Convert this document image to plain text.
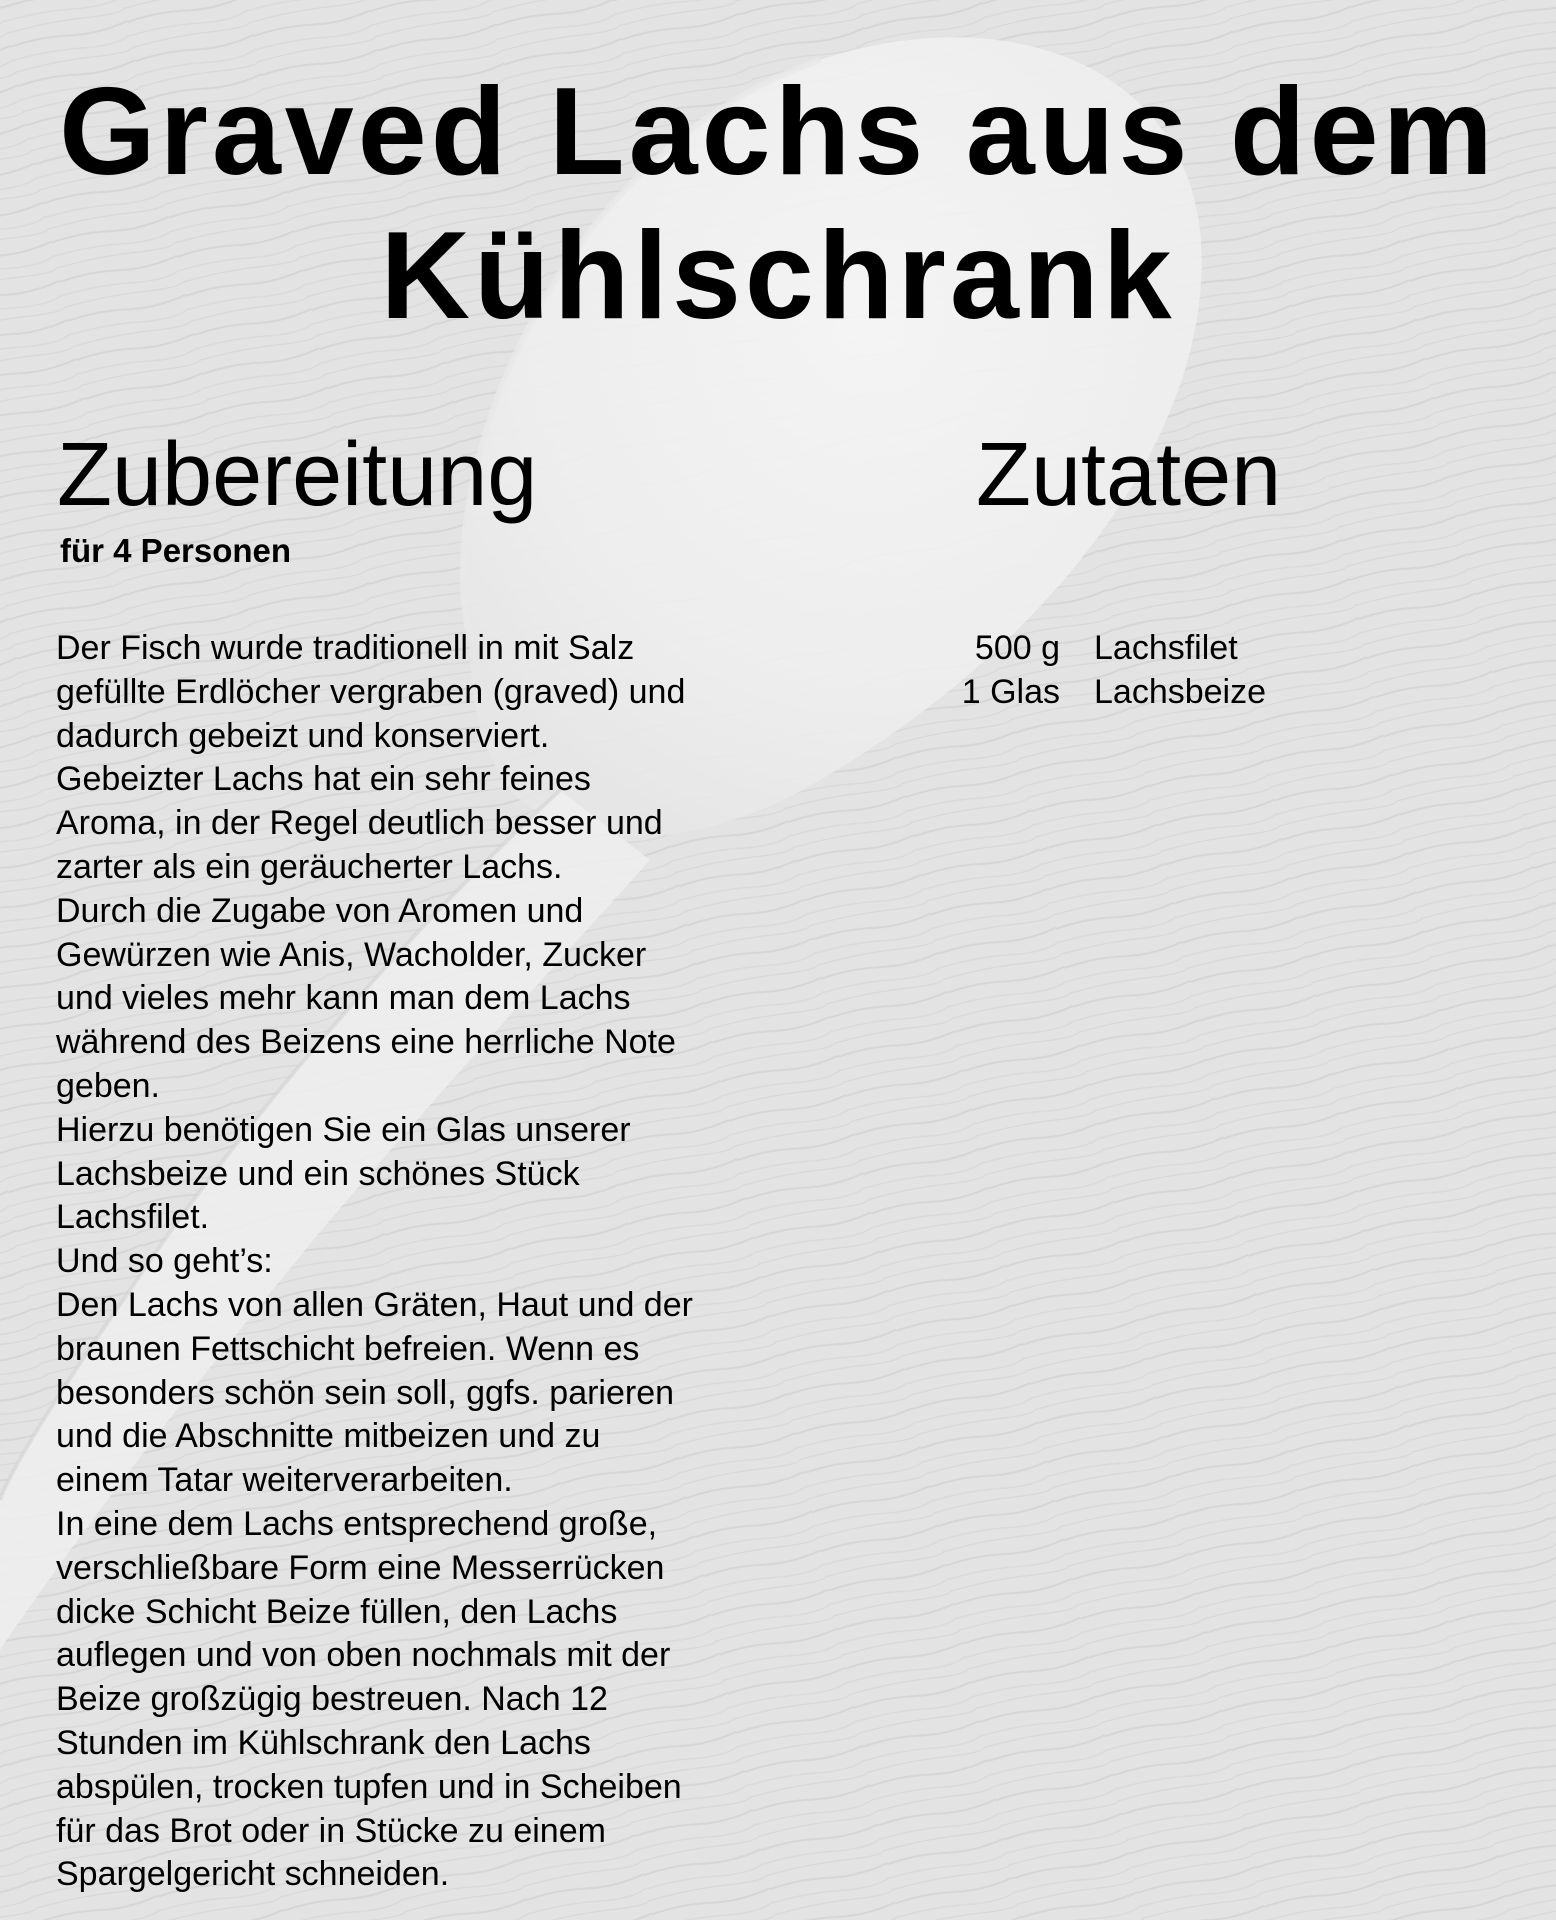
Graved Lachs aus dem
Kühlschrank
Zubereitung
für 4 Personen
Zutaten
Der Fisch wurde traditionell in mit Salz
gefüllte Erdlöcher vergraben (graved) und
dadurch gebeizt und konserviert.
Gebeizter Lachs hat ein sehr feines
Aroma, in der Regel deutlich besser und
zarter als ein geräucherter Lachs.
Durch die Zugabe von Aromen und
Gewürzen wie Anis, Wacholder, Zucker
und vieles mehr kann man dem Lachs
während des Beizens eine herrliche Note
geben.
Hierzu benötigen Sie ein Glas unserer
Lachsbeize und ein schönes Stück
Lachsfilet.
Und so geht’s:
Den Lachs von allen Gräten, Haut und der
braunen Fettschicht befreien. Wenn es
besonders schön sein soll, ggfs. parieren
und die Abschnitte mitbeizen und zu
einem Tatar weiterverarbeiten.
In eine dem Lachs entsprechend große,
verschließbare Form eine Messerrücken
dicke Schicht Beize füllen, den Lachs
auflegen und von oben nochmals mit der
Beize großzügig bestreuen. Nach 12
Stunden im Kühlschrank den Lachs
abspülen, trocken tupfen und in Scheiben
für das Brot oder in Stücke zu einem
Spargelgericht schneiden.
500 g	Lachsfilet
1 Glas	Lachsbeize
